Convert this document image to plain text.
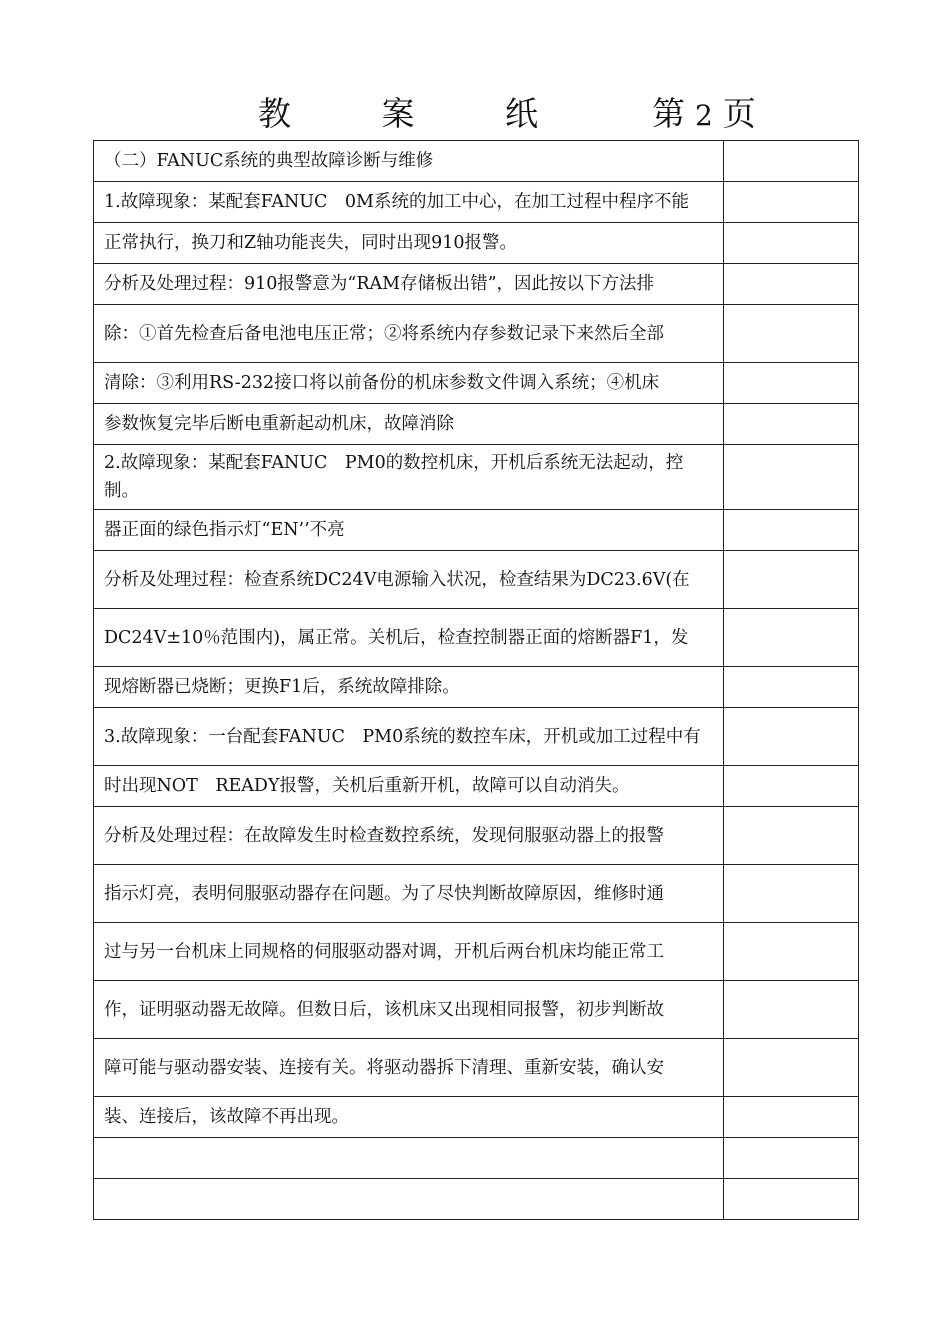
教 案 纸 第 2 页
（二）FANUC系统的典型故障诊断与维修	

1.故障现象：某配套FANUC　0M系统的加工中心，在加工过程中程序不能	

正常执行，换刀和Z轴功能丧失，同时出现910报警。	

分析及处理过程：910报警意为“RAM存储板出错”，因此按以下方法排	

除：①首先检查后备电池电压正常；②将系统内存参数记录下来然后全部	

清除：③利用RS-232接口将以前备份的机床参数文件调入系统；④机床	

参数恢复完毕后断电重新起动机床，故障消除	

2.故障现象：某配套FANUC　PM0的数控机床，开机后系统无法起动，控制。	

器正面的绿色指示灯“EN’’不亮	

分析及处理过程：检查系统DC24V电源输入状况，检查结果为DC23.6V(在	

DC24V±10％范围内)，属正常。关机后，检查控制器正面的熔断器F1，发	

现熔断器已烧断；更换F1后，系统故障排除。	

3.故障现象：一台配套FANUC　PM0系统的数控车床，开机或加工过程中有	

时出现NOT　READY报警，关机后重新开机，故障可以自动消失。	

分析及处理过程：在故障发生时检查数控系统，发现伺服驱动器上的报警	

指示灯亮，表明伺服驱动器存在问题。为了尽快判断故障原因，维修时通	

过与另一台机床上同规格的伺服驱动器对调，开机后两台机床均能正常工	

作，证明驱动器无故障。但数日后，该机床又出现相同报警，初步判断故	

障可能与驱动器安装、连接有关。将驱动器拆下清理、重新安装，确认安	

装、连接后，该故障不再出现。	
